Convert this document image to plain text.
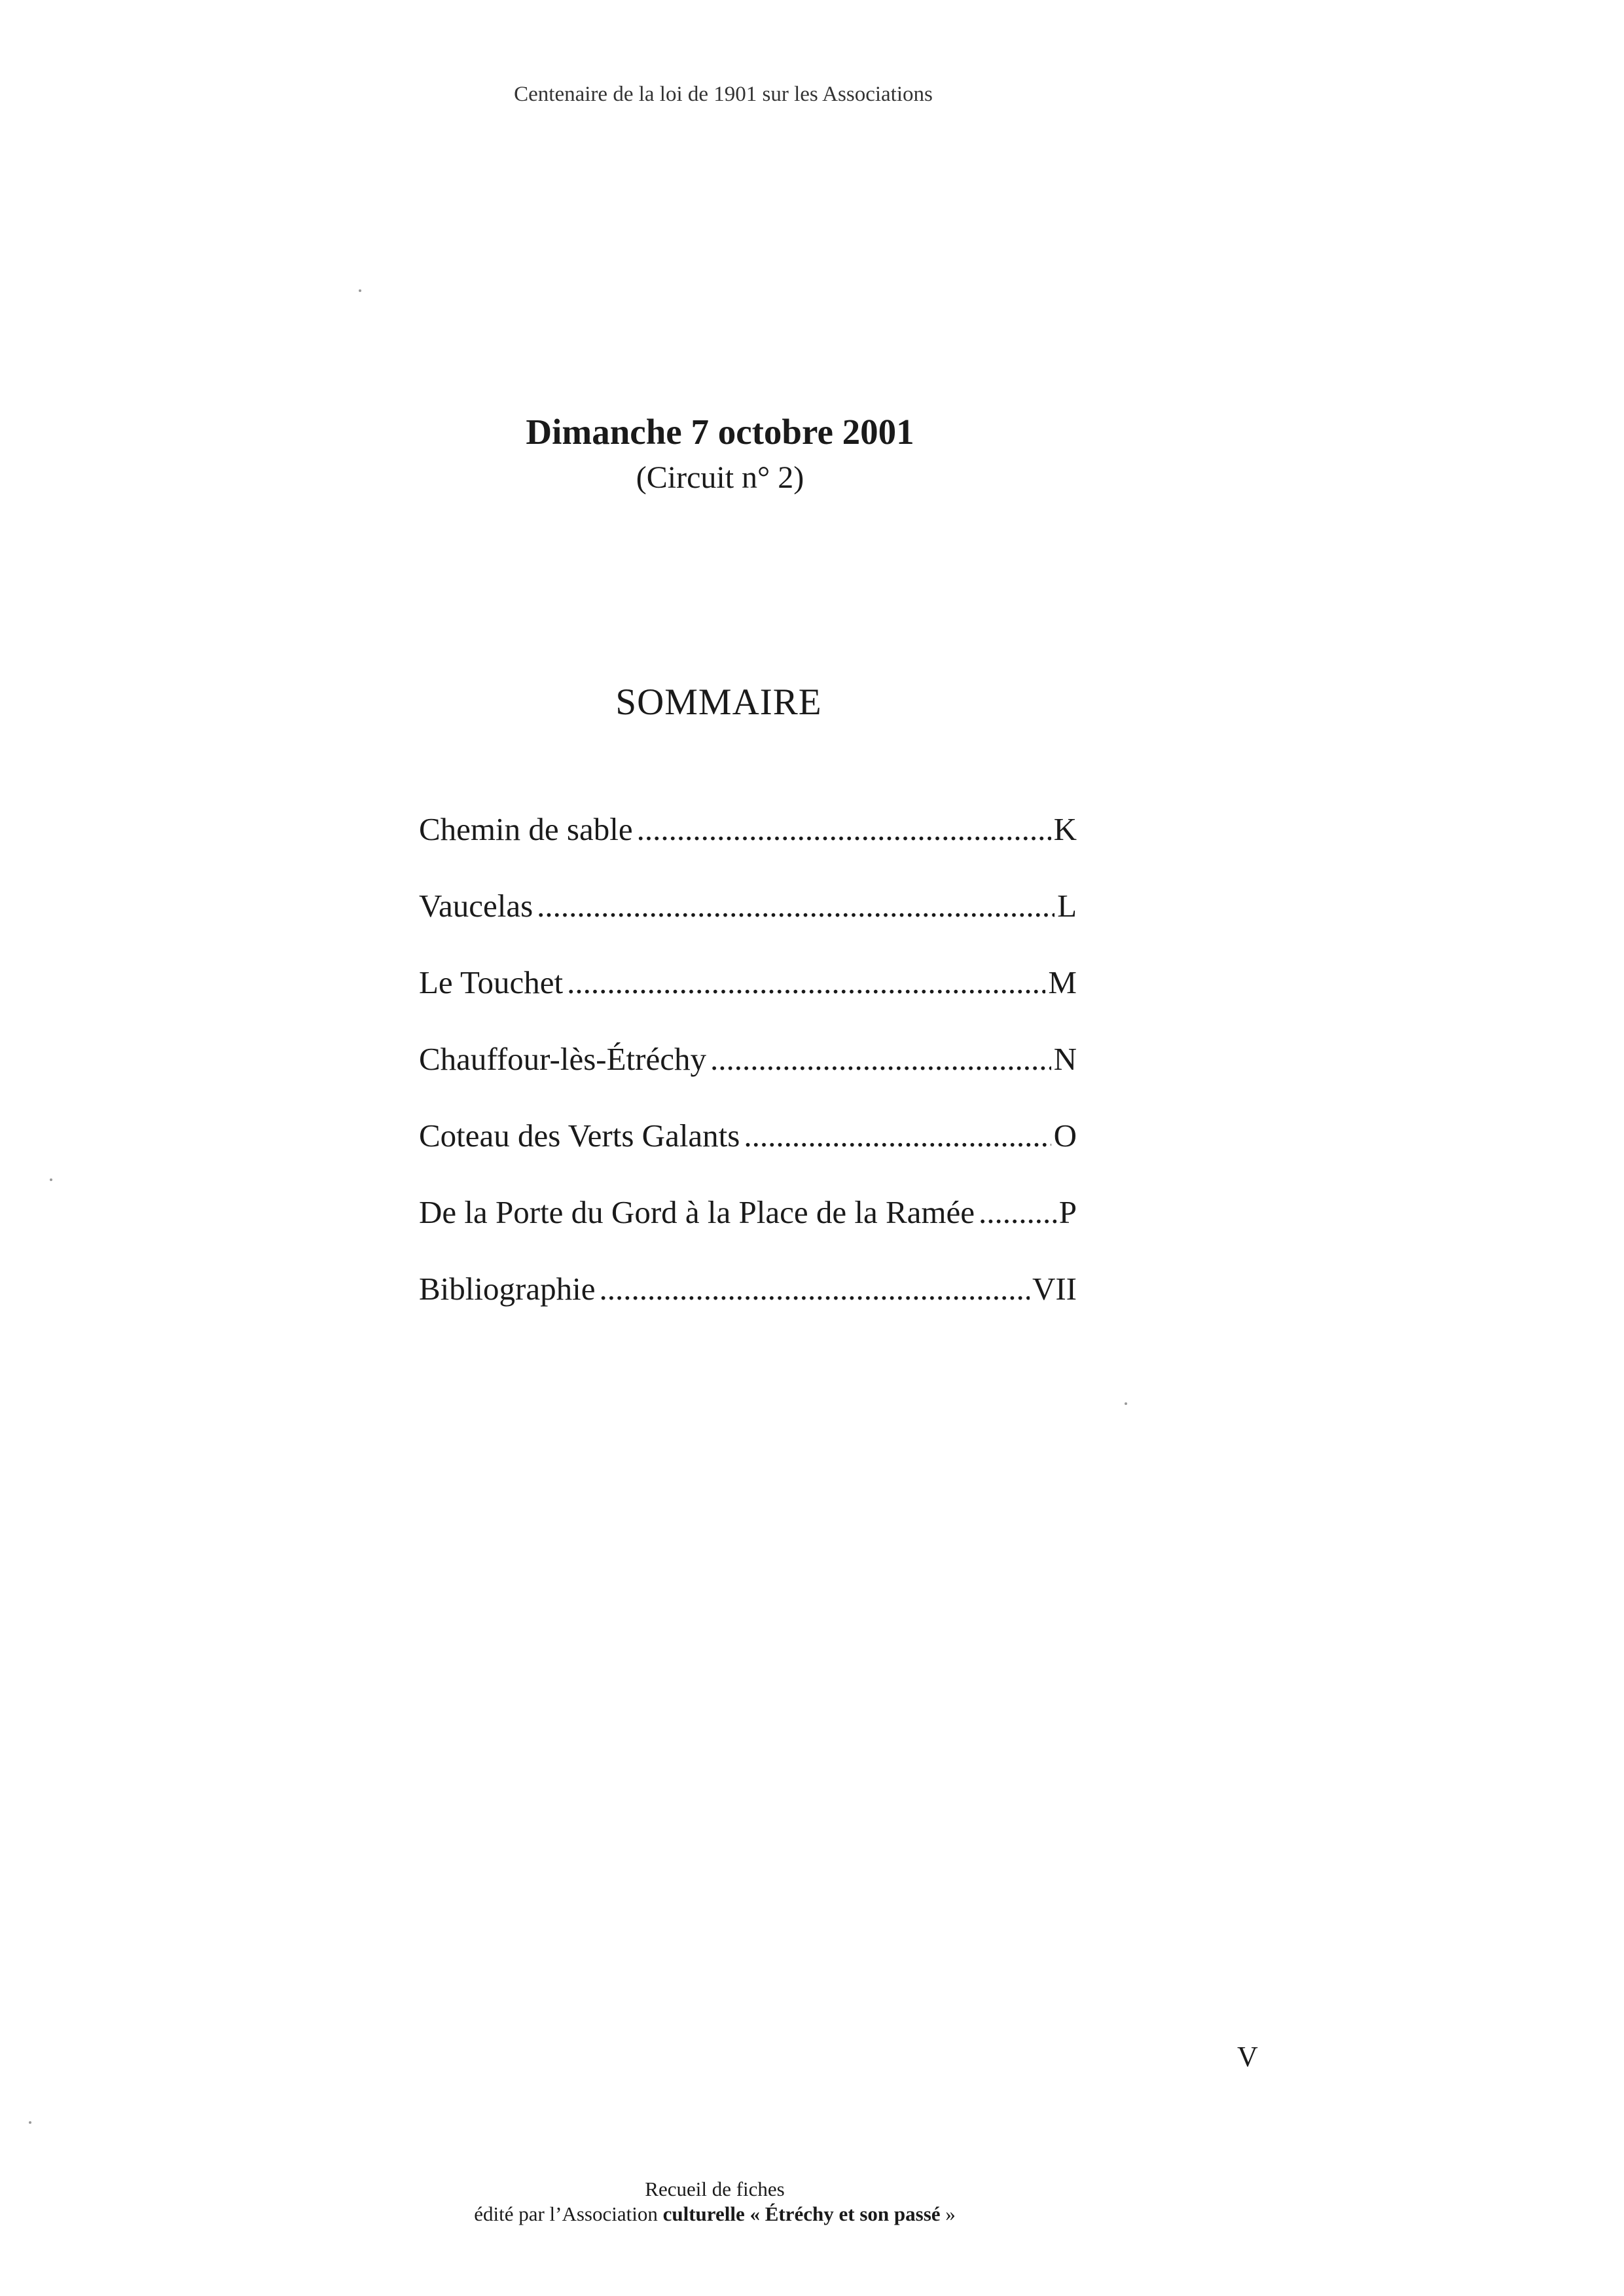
Centenaire de la loi de 1901 sur les Associations
Dimanche 7 octobre 2001
(Circuit n° 2)
SOMMAIRE
Chemin de sable .....	K
Vaucelas .....	L
Le Touchet .....	M
Chauffour-lès-Étréchy .....	N
Coteau des Verts Galants .....	O
De la Porte du Gord à la Place de la Ramée .....	P
Bibliographie .....	VII
V
Recueil de fiches
édité par l’Association culturelle « Étréchy et son passé »
